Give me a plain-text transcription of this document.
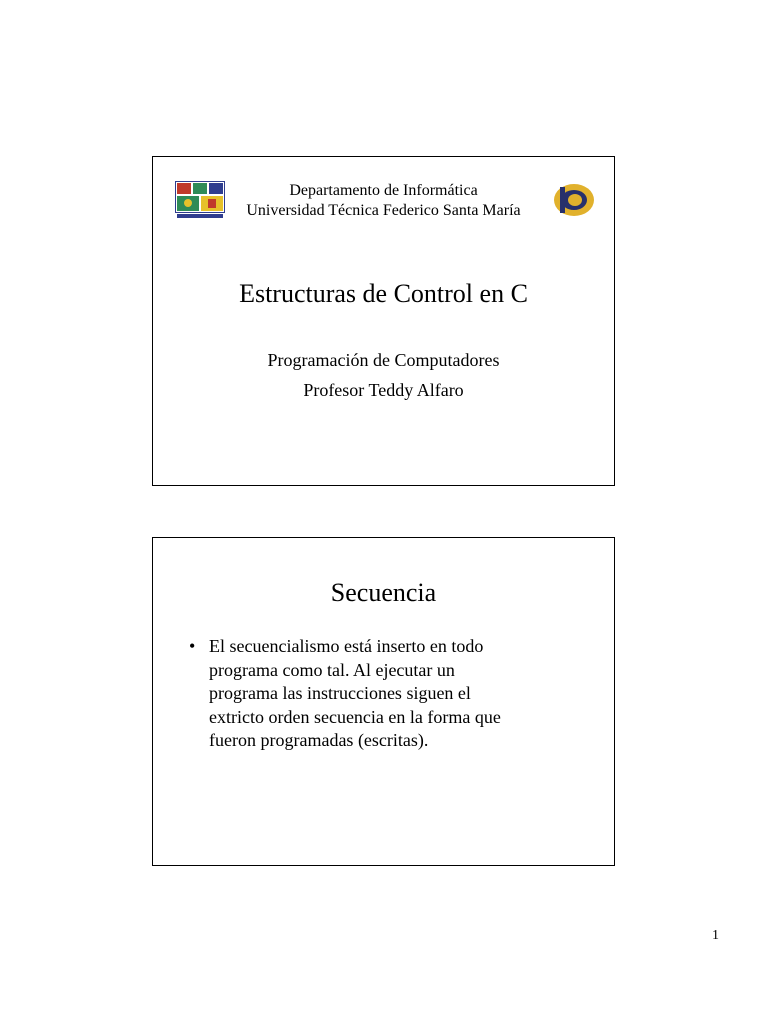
Departamento de Informática
Universidad Técnica Federico Santa María
Estructuras de Control en C
Programación de Computadores
Profesor Teddy Alfaro
Secuencia
• El secuencialismo está inserto en todo
programa como tal. Al ejecutar un
programa las instrucciones siguen el
extricto orden secuencia en la forma que
fueron programadas (escritas).
1
